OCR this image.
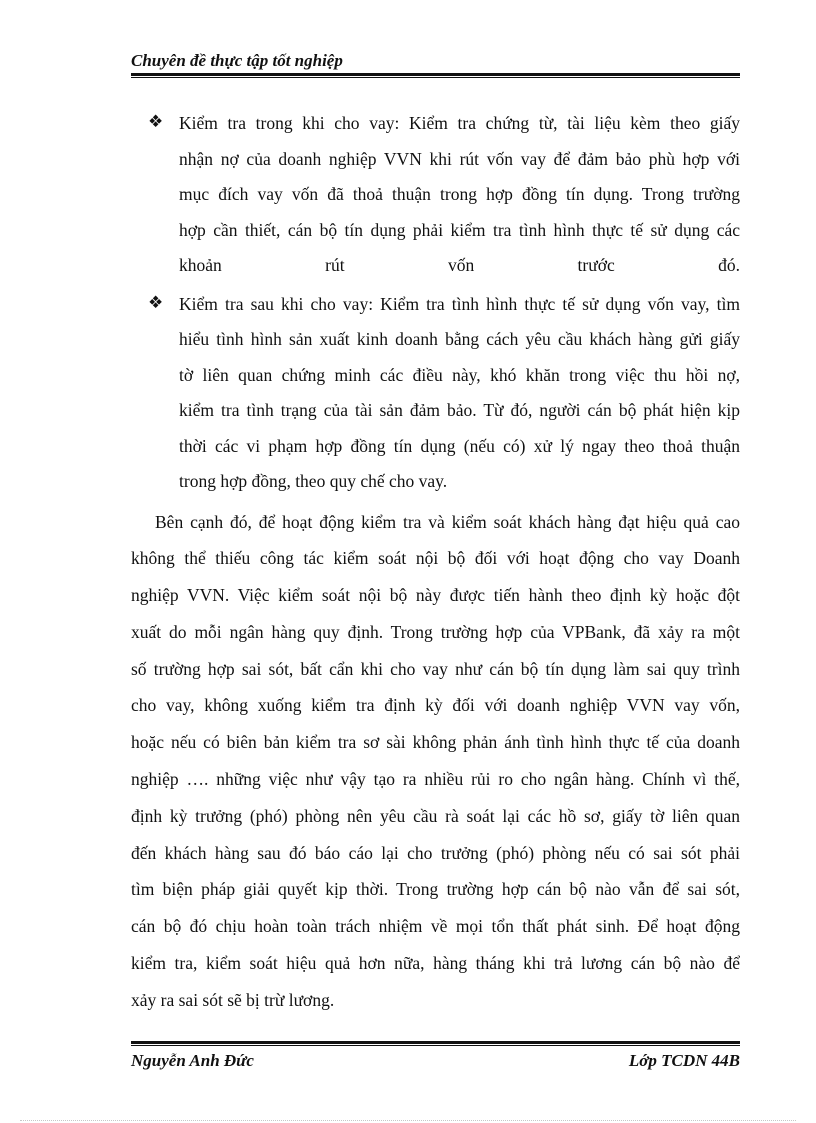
Chuyên đề thực tập tốt nghiệp
❖ Kiểm tra trong khi cho vay: Kiểm tra chứng từ, tài liệu kèm theo giấy
nhận nợ của doanh nghiệp VVN khi rút vốn vay để đảm bảo phù hợp với
mục đích vay vốn đã thoả thuận trong hợp đồng tín dụng. Trong trường
hợp cần thiết, cán bộ tín dụng phải kiểm tra tình hình thực tế sử dụng các
khoản rút vốn trước đó.
❖ Kiểm tra sau khi cho vay: Kiểm tra tình hình thực tế sử dụng vốn vay, tìm
hiểu tình hình sản xuất kinh doanh bằng cách yêu cầu khách hàng gửi giấy
tờ liên quan chứng minh các điều này, khó khăn trong việc thu hồi nợ,
kiểm tra tình trạng của tài sản đảm bảo. Từ đó, người cán bộ phát hiện kịp
thời các vi phạm hợp đồng tín dụng (nếu có) xử lý ngay theo thoả thuận
trong hợp đồng, theo quy chế cho vay.
Bên cạnh đó, để hoạt động kiểm tra và kiểm soát khách hàng đạt hiệu quả cao
không thể thiếu công tác kiểm soát nội bộ đối với hoạt động cho vay Doanh
nghiệp VVN. Việc kiểm soát nội bộ này được tiến hành theo định kỳ hoặc đột
xuất do mỗi ngân hàng quy định. Trong trường hợp của VPBank, đã xảy ra một
số trường hợp sai sót, bất cẩn khi cho vay như cán bộ tín dụng làm sai quy trình
cho vay, không xuống kiểm tra định kỳ đối với doanh nghiệp VVN vay vốn,
hoặc nếu có biên bản kiểm tra sơ sài không phản ánh tình hình thực tế của doanh
nghiệp …. những việc như vậy tạo ra nhiều rủi ro cho ngân hàng. Chính vì thế,
định kỳ trưởng (phó) phòng nên yêu cầu rà soát lại các hồ sơ, giấy tờ liên quan
đến khách hàng sau đó báo cáo lại cho trưởng (phó) phòng nếu có sai sót phải
tìm biện pháp giải quyết kịp thời. Trong trường hợp cán bộ nào vẫn để sai sót,
cán bộ đó chịu hoàn toàn trách nhiệm về mọi tổn thất phát sinh. Để hoạt động
kiểm tra, kiểm soát hiệu quả hơn nữa, hàng tháng khi trả lương cán bộ nào để
xảy ra sai sót sẽ bị trừ lương.
Nguyễn Anh Đức	Lớp TCDN 44B
